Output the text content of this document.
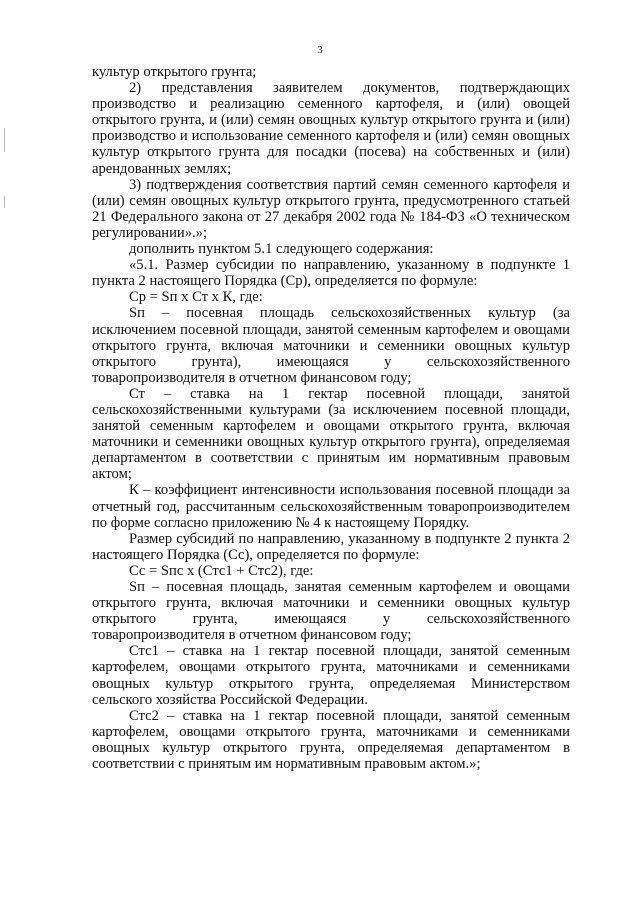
3

культур открытого грунта;

2) представления заявителем документов, подтверждающих производство и реализацию семенного картофеля, и (или) овощей открытого грунта, и (или) семян овощных культур открытого грунта и (или) производство и использование семенного картофеля и (или) семян овощных культур открытого грунта для посадки (посева) на собственных и (или) арендованных землях;

3) подтверждения соответствия партий семян семенного картофеля и (или) семян овощных культур открытого грунта, предусмотренного статьей 21 Федерального закона от 27 декабря 2002 года № 184-ФЗ «О техническом регулировании».»;

дополнить пунктом 5.1 следующего содержания:

«5.1. Размер субсидии по направлению, указанному в подпункте 1 пункта 2 настоящего Порядка (Ср), определяется по формуле:

Ср = Sп х Ст х К, где:

Sп – посевная площадь сельскохозяйственных культур (за исключением посевной площади, занятой семенным картофелем и овощами открытого грунта, включая маточники и семенники овощных культур открытого грунта), имеющаяся у сельскохозяйственного товаропроизводителя в отчетном финансовом году;

Ст – ставка на 1 гектар посевной площади, занятой сельскохозяйственными культурами (за исключением посевной площади, занятой семенным картофелем и овощами открытого грунта, включая маточники и семенники овощных культур открытого грунта), определяемая департаментом в соответствии с принятым им нормативным правовым актом;

К – коэффициент интенсивности использования посевной площади за отчетный год, рассчитанным сельскохозяйственным товаропроизводителем по форме согласно приложению № 4 к настоящему Порядку.

Размер субсидий по направлению, указанному в подпункте 2 пункта 2 настоящего Порядка (Сс), определяется по формуле:

Сс = Sпс х (Стс1 + Стс2), где:

Sп – посевная площадь, занятая семенным картофелем и овощами открытого грунта, включая маточники и семенники овощных культур открытого грунта, имеющаяся у сельскохозяйственного товаропроизводителя в отчетном финансовом году;

Стс1 – ставка на 1 гектар посевной площади, занятой семенным картофелем, овощами открытого грунта, маточниками и семенниками овощных культур открытого грунта, определяемая Министерством сельского хозяйства Российской Федерации.

Стс2 – ставка на 1 гектар посевной площади, занятой семенным картофелем, овощами открытого грунта, маточниками и семенниками овощных культур открытого грунта, определяемая департаментом в соответствии с принятым им нормативным правовым актом.»;
